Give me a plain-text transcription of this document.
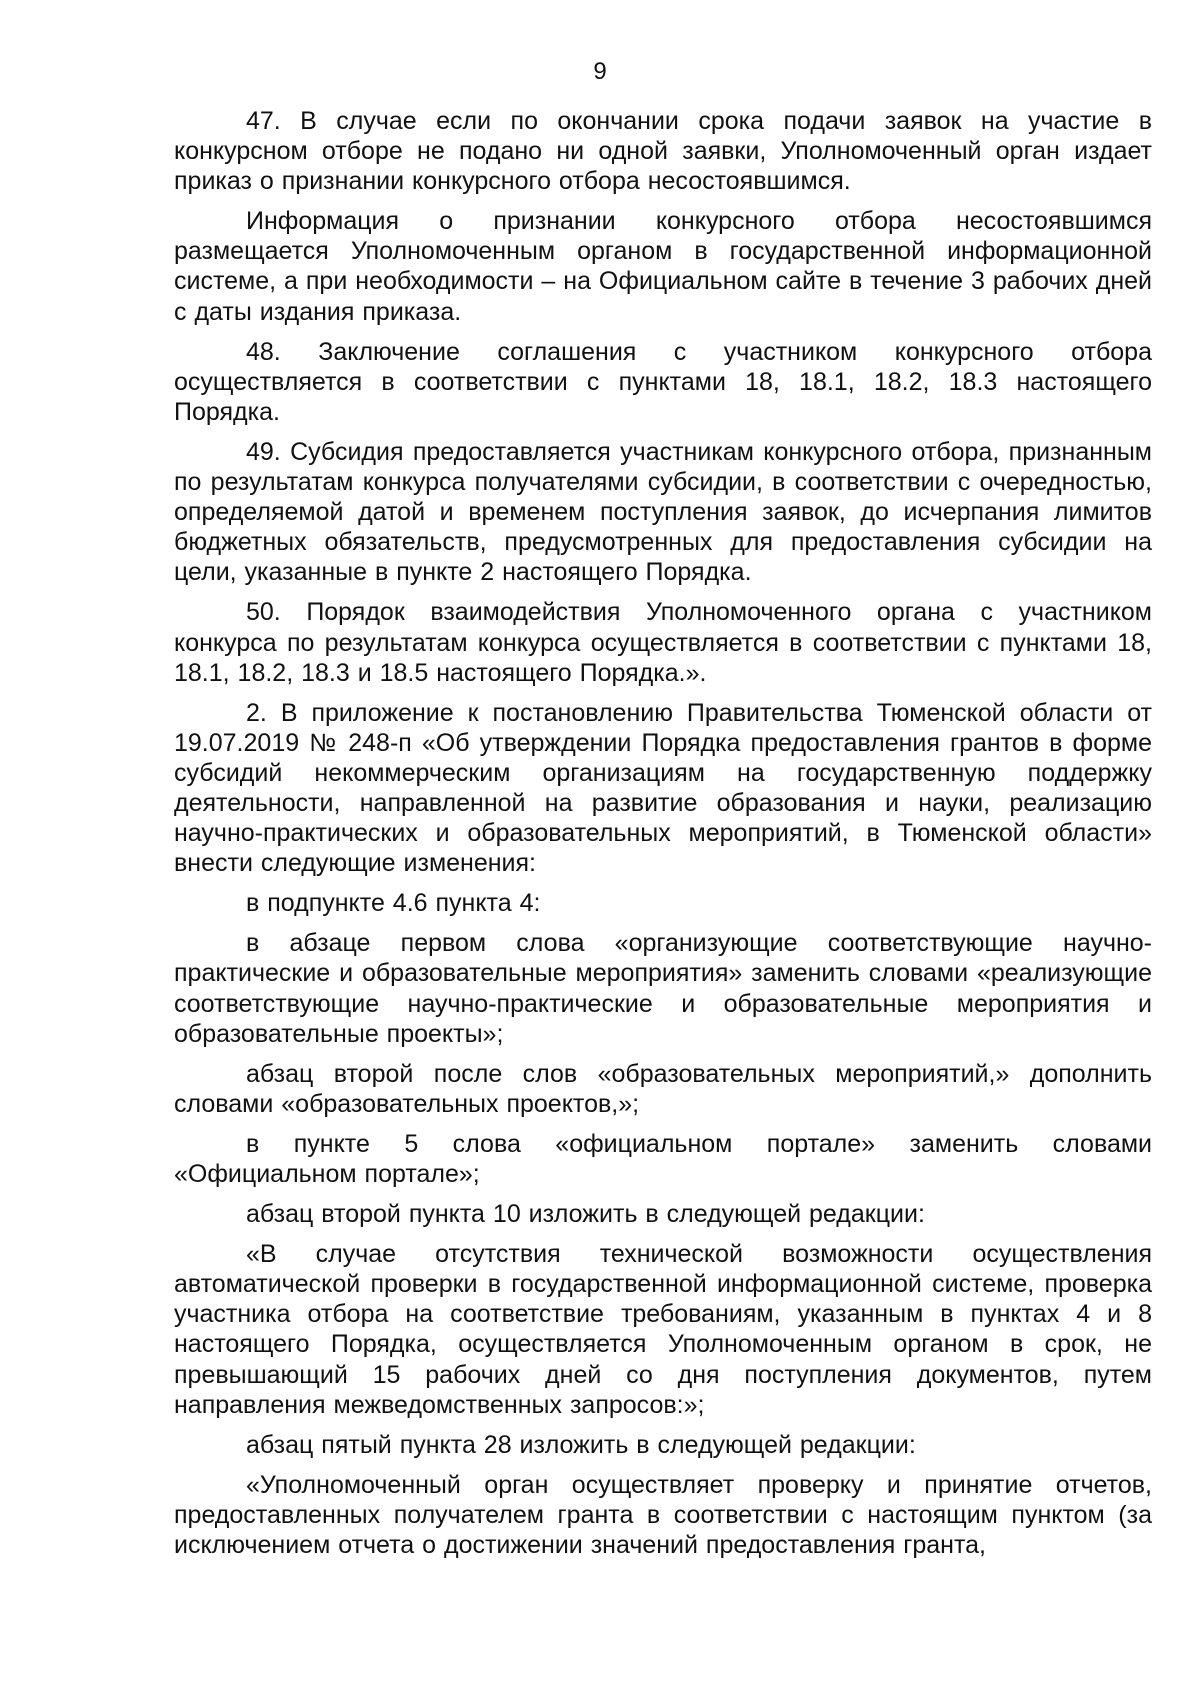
9

47. В случае если по окончании срока подачи заявок на участие в конкурсном отборе не подано ни одной заявки, Уполномоченный орган издает приказ о признании конкурсного отбора несостоявшимся.

Информация о признании конкурсного отбора несостоявшимся размещается Уполномоченным органом в государственной информационной системе, а при необходимости – на Официальном сайте в течение 3 рабочих дней с даты издания приказа.

48. Заключение соглашения с участником конкурсного отбора осуществляется в соответствии с пунктами 18, 18.1, 18.2, 18.3 настоящего Порядка.

49. Субсидия предоставляется участникам конкурсного отбора, признанным по результатам конкурса получателями субсидии, в соответствии с очередностью, определяемой датой и временем поступления заявок, до исчерпания лимитов бюджетных обязательств, предусмотренных для предоставления субсидии на цели, указанные в пункте 2 настоящего Порядка.

50. Порядок взаимодействия Уполномоченного органа с участником конкурса по результатам конкурса осуществляется в соответствии с пунктами 18, 18.1, 18.2, 18.3 и 18.5 настоящего Порядка.».

2. В приложение к постановлению Правительства Тюменской области от 19.07.2019 № 248-п «Об утверждении Порядка предоставления грантов в форме субсидий некоммерческим организациям на государственную поддержку деятельности, направленной на развитие образования и науки, реализацию научно-практических и образовательных мероприятий, в Тюменской области» внести следующие изменения:

в подпункте 4.6 пункта 4:

в абзаце первом слова «организующие соответствующие научно-практические и образовательные мероприятия» заменить словами «реализующие соответствующие научно-практические и образовательные мероприятия и образовательные проекты»;

абзац второй после слов «образовательных мероприятий,» дополнить словами «образовательных проектов,»;

в пункте 5 слова «официальном портале» заменить словами «Официальном портале»;

абзац второй пункта 10 изложить в следующей редакции:

«В случае отсутствия технической возможности осуществления автоматической проверки в государственной информационной системе, проверка участника отбора на соответствие требованиям, указанным в пунктах 4 и 8 настоящего Порядка, осуществляется Уполномоченным органом в срок, не превышающий 15 рабочих дней со дня поступления документов, путем направления межведомственных запросов:»;

абзац пятый пункта 28 изложить в следующей редакции:

«Уполномоченный орган осуществляет проверку и принятие отчетов, предоставленных получателем гранта в соответствии с настоящим пунктом (за исключением отчета о достижении значений предоставления гранта,
